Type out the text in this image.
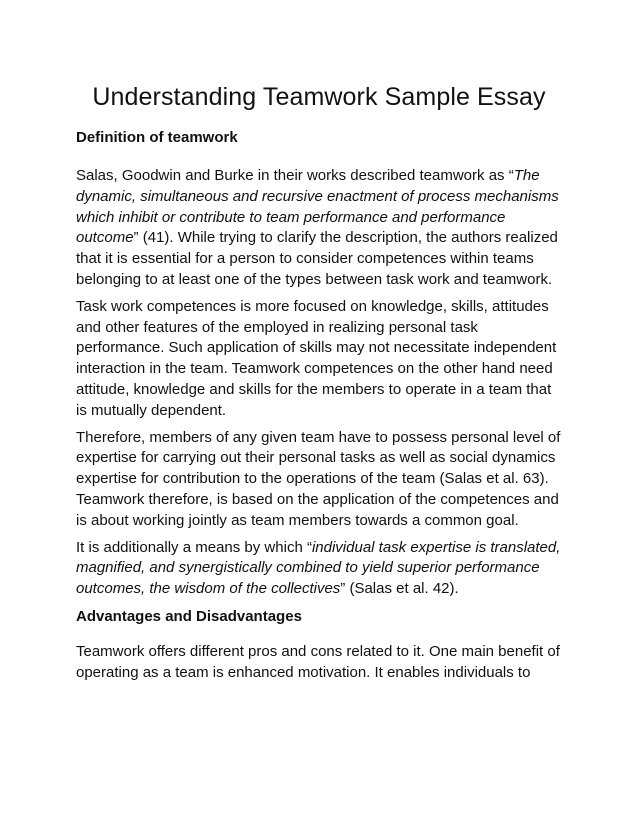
Understanding Teamwork Sample Essay
Definition of teamwork

Salas, Goodwin and Burke in their works described teamwork as “The dynamic, simultaneous and recursive enactment of process mechanisms which inhibit or contribute to team performance and performance outcome” (41). While trying to clarify the description, the authors realized that it is essential for a person to consider competences within teams belonging to at least one of the types between task work and teamwork.

Task work competences is more focused on knowledge, skills, attitudes and other features of the employed in realizing personal task performance. Such application of skills may not necessitate independent interaction in the team. Teamwork competences on the other hand need attitude, knowledge and skills for the members to operate in a team that is mutually dependent.

Therefore, members of any given team have to possess personal level of expertise for carrying out their personal tasks as well as social dynamics expertise for contribution to the operations of the team (Salas et al. 63). Teamwork therefore, is based on the application of the competences and is about working jointly as team members towards a common goal.

It is additionally a means by which “individual task expertise is translated, magnified, and synergistically combined to yield superior performance outcomes, the wisdom of the collectives” (Salas et al. 42).

Advantages and Disadvantages

Teamwork offers different pros and cons related to it. One main benefit of operating as a team is enhanced motivation. It enables individuals to
